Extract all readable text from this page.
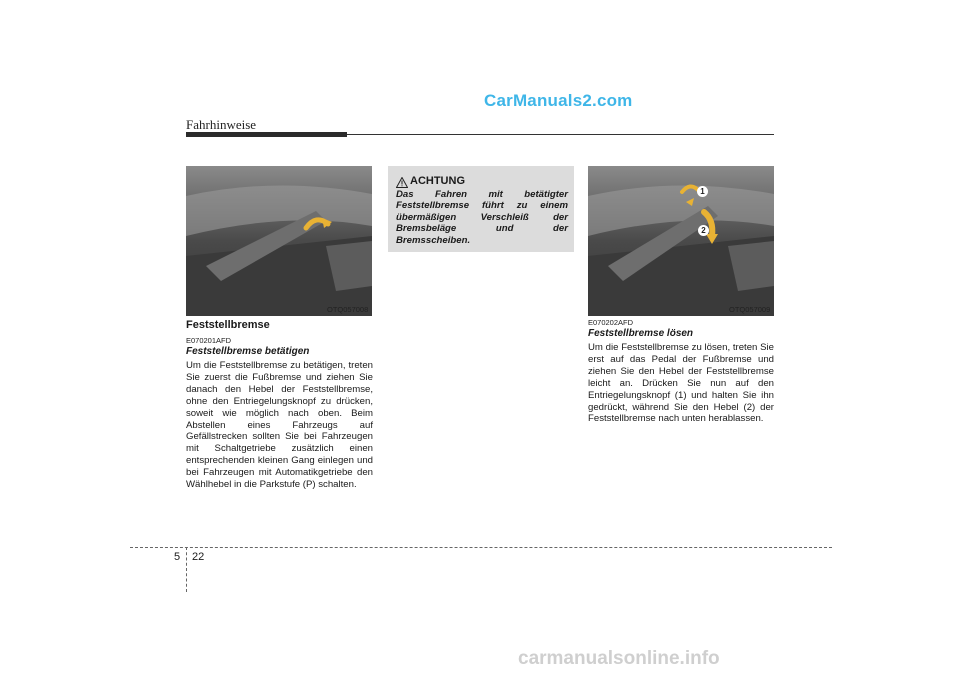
CarManuals2.com
Fahrhinweise
OTQ057008
Feststellbremse
E070201AFD
Feststellbremse betätigen
Um die Feststellbremse zu betätigen, treten Sie zuerst die Fußbremse und ziehen Sie danach den Hebel der Feststellbremse, ohne den Entriegelungsknopf zu drücken, soweit wie möglich nach oben. Beim Abstellen eines Fahrzeugs auf Gefällstrecken sollten Sie bei Fahrzeugen mit Schaltgetriebe zusätzlich einen entsprechenden kleinen Gang einlegen und bei Fahrzeugen mit Automatikgetriebe den Wählhebel in die Parkstufe (P) schalten.
ACHTUNG
Das Fahren mit betätigter Feststellbremse führt zu einem übermäßigen Verschleiß der Bremsbeläge und der Bremsscheiben.
1
2
OTQ057009
E070202AFD
Feststellbremse lösen
Um die Feststellbremse zu lösen, treten Sie erst auf das Pedal der Fußbremse und ziehen Sie den Hebel der Feststellbremse leicht an. Drücken Sie nun auf den Entriegelungsknopf (1) und halten Sie ihn gedrückt, während Sie den Hebel (2) der Feststellbremse nach unten herablassen.
5 22
carmanualsonline.info
